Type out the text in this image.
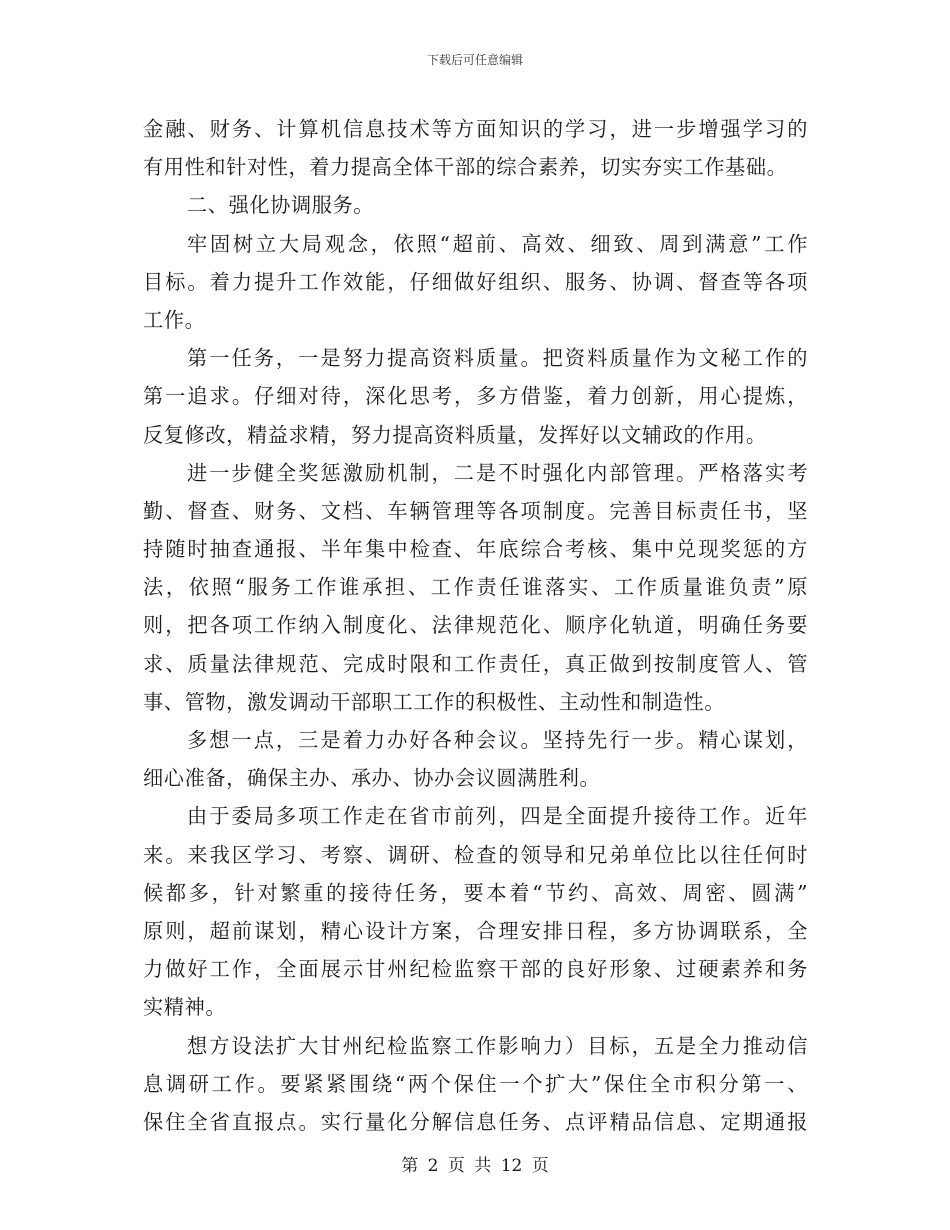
下载后可任意编辑
金融、财务、计算机信息技术等方面知识的学习，进一步增强学习的
有用性和针对性，着力提高全体干部的综合素养，切实夯实工作基础。
二、强化协调服务。
牢固树立大局观念，依照“超前、高效、细致、周到满意”工作
目标。着力提升工作效能，仔细做好组织、服务、协调、督查等各项
工作。
第一任务，一是努力提高资料质量。把资料质量作为文秘工作的
第一追求。仔细对待，深化思考，多方借鉴，着力创新，用心提炼，
反复修改，精益求精，努力提高资料质量，发挥好以文辅政的作用。
进一步健全奖惩激励机制，二是不时强化内部管理。严格落实考
勤、督查、财务、文档、车辆管理等各项制度。完善目标责任书，坚
持随时抽查通报、半年集中检查、年底综合考核、集中兑现奖惩的方
法，依照“服务工作谁承担、工作责任谁落实、工作质量谁负责”原
则，把各项工作纳入制度化、法律规范化、顺序化轨道，明确任务要
求、质量法律规范、完成时限和工作责任，真正做到按制度管人、管
事、管物，激发调动干部职工工作的积极性、主动性和制造性。
多想一点，三是着力办好各种会议。坚持先行一步。精心谋划，
细心准备，确保主办、承办、协办会议圆满胜利。
由于委局多项工作走在省市前列，四是全面提升接待工作。近年
来。来我区学习、考察、调研、检查的领导和兄弟单位比以往任何时
候都多，针对繁重的接待任务，要本着“节约、高效、周密、圆满”
原则，超前谋划，精心设计方案，合理安排日程，多方协调联系，全
力做好工作，全面展示甘州纪检监察干部的良好形象、过硬素养和务
实精神。
想方设法扩大甘州纪检监察工作影响力）目标，五是全力推动信
息调研工作。要紧紧围绕“两个保住一个扩大”保住全市积分第一、
保住全省直报点。实行量化分解信息任务、点评精品信息、定期通报
第 2 页 共 12 页
